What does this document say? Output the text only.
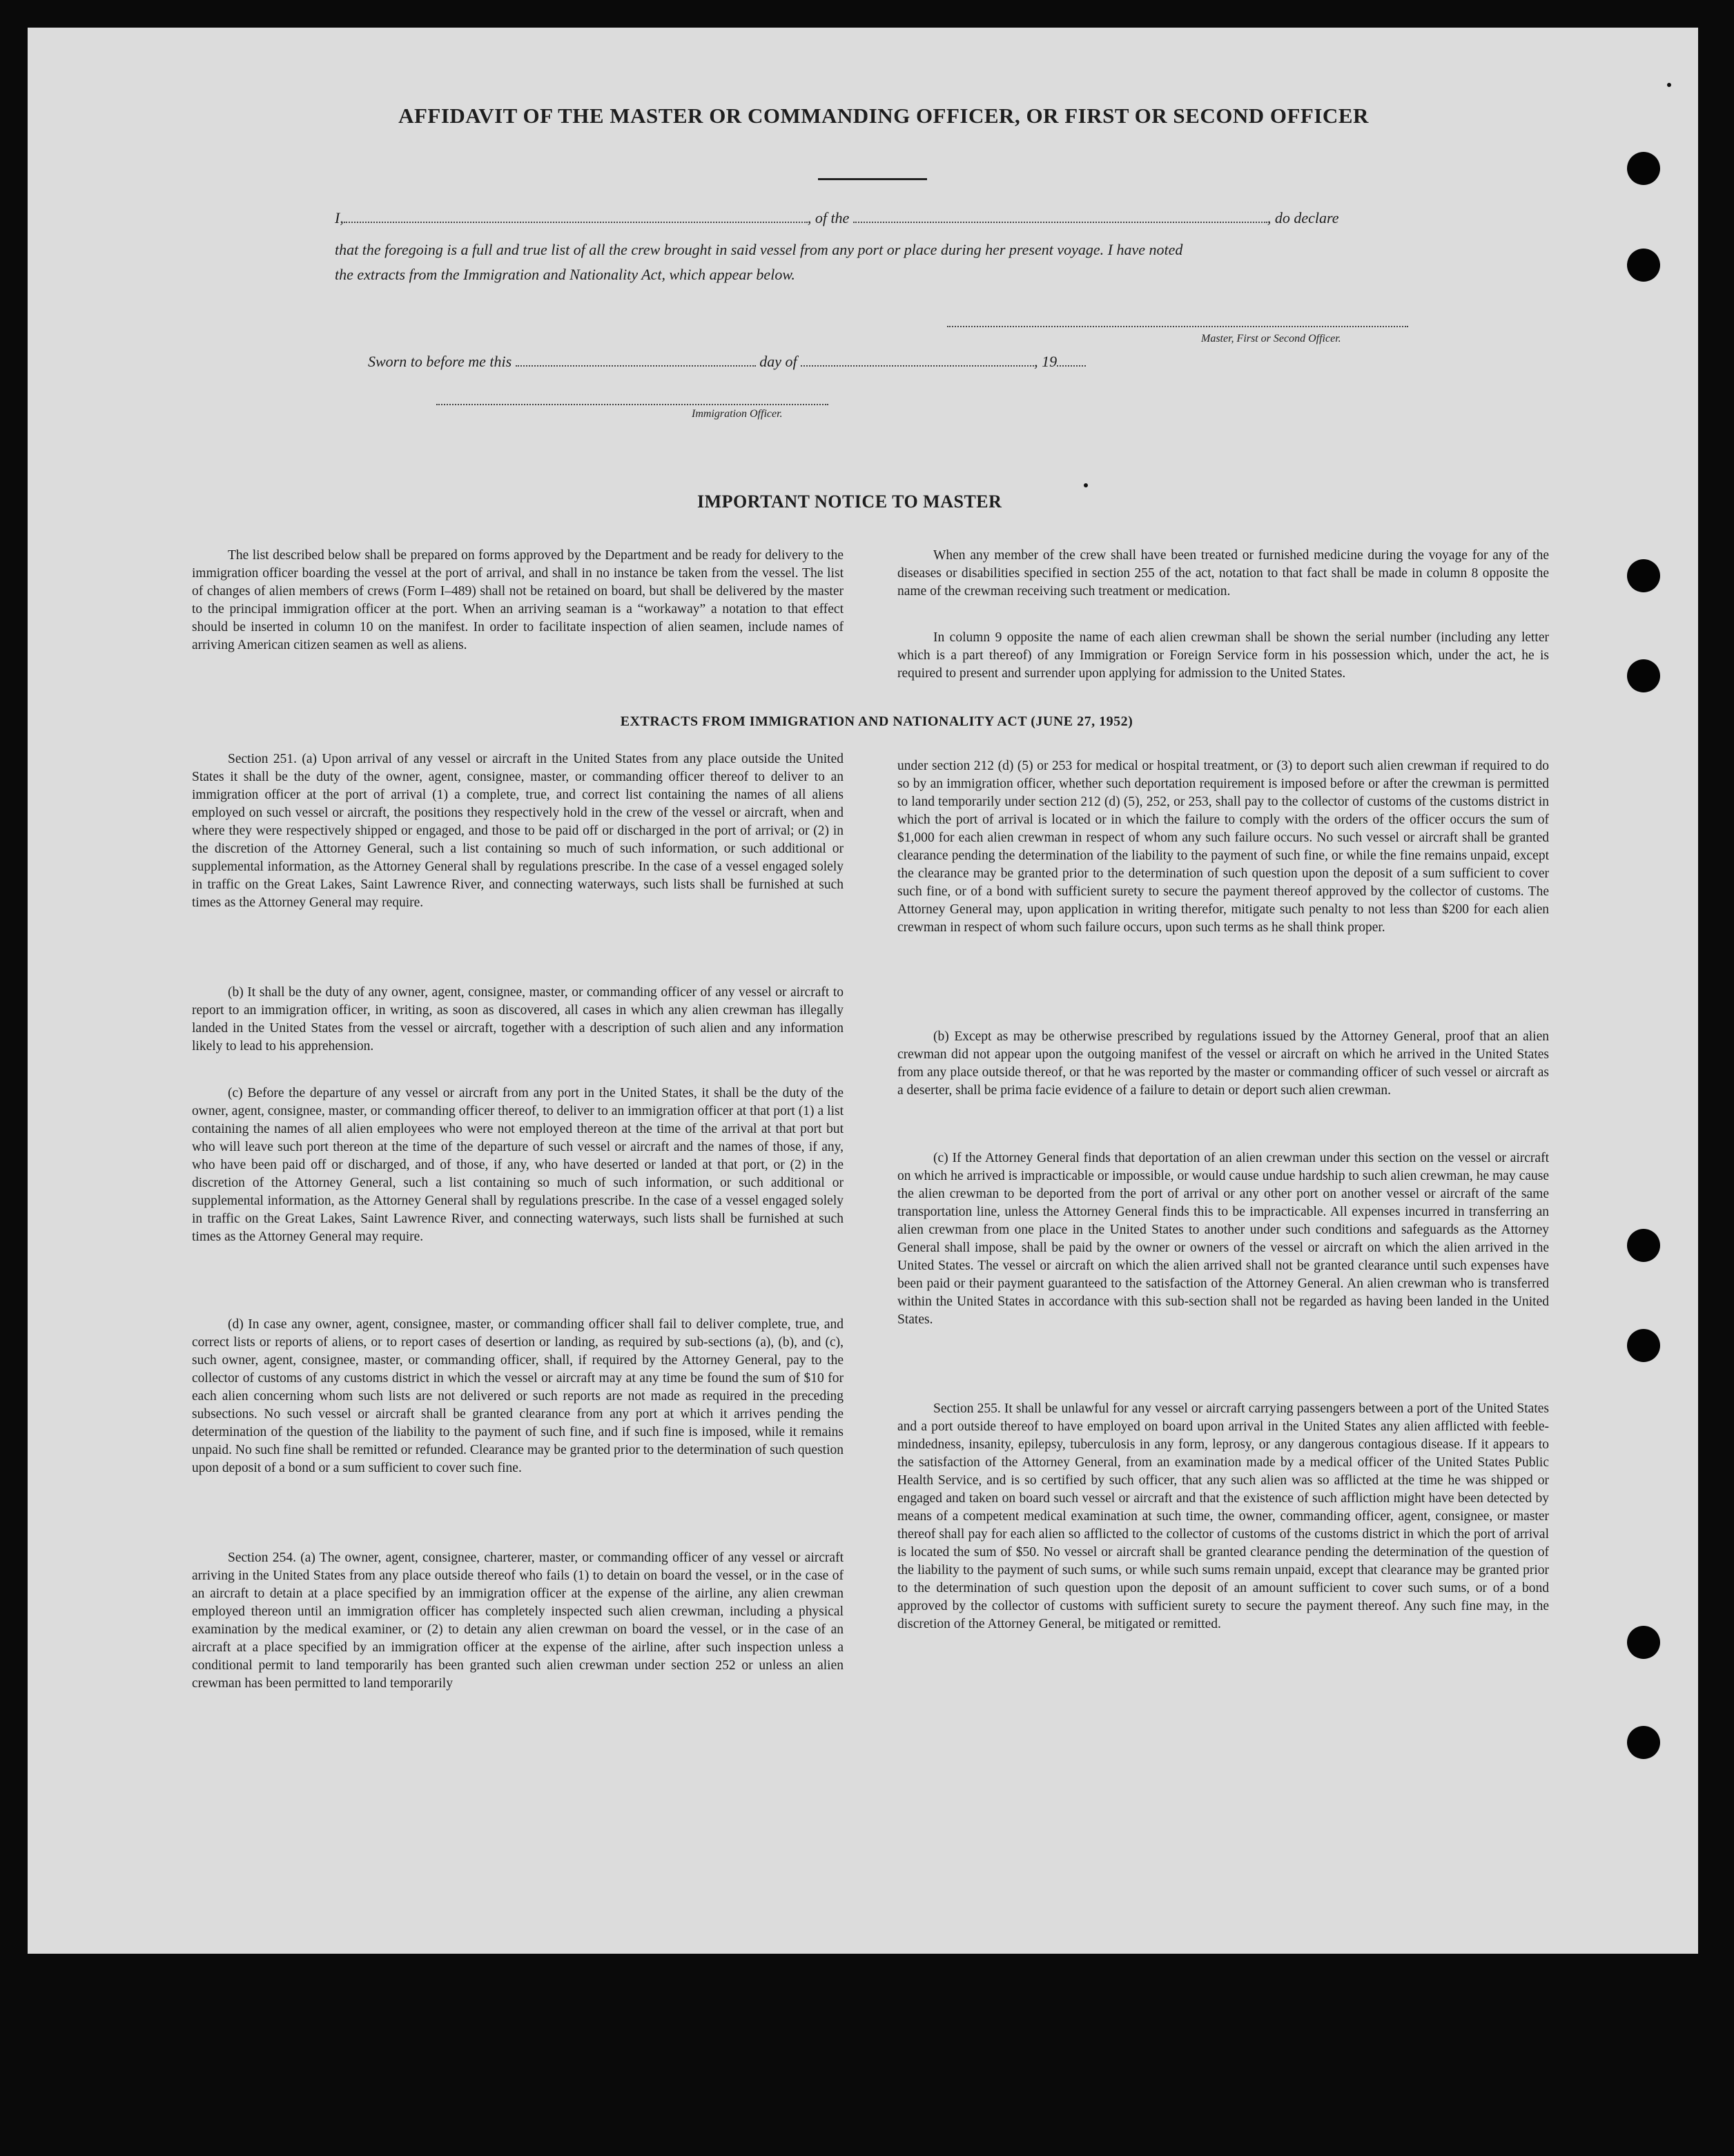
AFFIDAVIT OF THE MASTER OR COMMANDING OFFICER, OR FIRST OR SECOND OFFICER
I,	, of the	, do declare
that the foregoing is a full and true list of all the crew brought in said vessel from any port or place during her present voyage. I have noted
the extracts from the Immigration and Nationality Act, which appear below.
Master, First or Second Officer.
Sworn to before me this	day of	, 19
Immigration Officer.
IMPORTANT NOTICE TO MASTER

The list described below shall be prepared on forms approved by the Department and be ready for delivery to the immigration officer boarding the vessel at the port of arrival, and shall in no instance be taken from the vessel. The list of changes of alien members of crews (Form I–489) shall not be retained on board, but shall be delivered by the master to the principal immigration officer at the port. When an arriving seaman is a “workaway” a notation to that effect should be inserted in column 10 on the manifest. In order to facilitate inspection of alien seamen, include names of arriving American citizen seamen as well as aliens.

When any member of the crew shall have been treated or furnished medicine during the voyage for any of the diseases or disabilities specified in section 255 of the act, notation to that fact shall be made in column 8 opposite the name of the crewman receiving such treatment or medication.

In column 9 opposite the name of each alien crewman shall be shown the serial number (including any letter which is a part thereof) of any Immigration or Foreign Service form in his possession which, under the act, he is required to present and surrender upon applying for admission to the United States.

EXTRACTS FROM IMMIGRATION AND NATIONALITY ACT (JUNE 27, 1952)

Section 251. (a) Upon arrival of any vessel or aircraft in the United States from any place outside the United States it shall be the duty of the owner, agent, consignee, master, or commanding officer thereof to deliver to an immigration officer at the port of arrival (1) a complete, true, and correct list containing the names of all aliens employed on such vessel or aircraft, the positions they respectively hold in the crew of the vessel or aircraft, when and where they were respectively shipped or engaged, and those to be paid off or discharged in the port of arrival; or (2) in the discretion of the Attorney General, such a list containing so much of such information, or such additional or supplemental information, as the Attorney General shall by regulations prescribe. In the case of a vessel engaged solely in traffic on the Great Lakes, Saint Lawrence River, and connecting waterways, such lists shall be furnished at such times as the Attorney General may require.

(b) It shall be the duty of any owner, agent, consignee, master, or commanding officer of any vessel or aircraft to report to an immigration officer, in writing, as soon as discovered, all cases in which any alien crewman has illegally landed in the United States from the vessel or aircraft, together with a description of such alien and any information likely to lead to his apprehension.

(c) Before the departure of any vessel or aircraft from any port in the United States, it shall be the duty of the owner, agent, consignee, master, or commanding officer thereof, to deliver to an immigration officer at that port (1) a list containing the names of all alien employees who were not employed thereon at the time of the arrival at that port but who will leave such port thereon at the time of the departure of such vessel or aircraft and the names of those, if any, who have been paid off or discharged, and of those, if any, who have deserted or landed at that port, or (2) in the discretion of the Attorney General, such a list containing so much of such information, or such additional or supplemental information, as the Attorney General shall by regulations prescribe. In the case of a vessel engaged solely in traffic on the Great Lakes, Saint Lawrence River, and connecting waterways, such lists shall be furnished at such times as the Attorney General may require.

(d) In case any owner, agent, consignee, master, or commanding officer shall fail to deliver complete, true, and correct lists or reports of aliens, or to report cases of desertion or landing, as required by sub-sections (a), (b), and (c), such owner, agent, consignee, master, or commanding officer, shall, if required by the Attorney General, pay to the collector of customs of any customs district in which the vessel or aircraft may at any time be found the sum of $10 for each alien concerning whom such lists are not delivered or such reports are not made as required in the preceding subsections. No such vessel or aircraft shall be granted clearance from any port at which it arrives pending the determination of the question of the liability to the payment of such fine, and if such fine is imposed, while it remains unpaid. No such fine shall be remitted or refunded. Clearance may be granted prior to the determination of such question upon deposit of a bond or a sum sufficient to cover such fine.

Section 254. (a) The owner, agent, consignee, charterer, master, or commanding officer of any vessel or aircraft arriving in the United States from any place outside thereof who fails (1) to detain on board the vessel, or in the case of an aircraft to detain at a place specified by an immigration officer at the expense of the airline, any alien crewman employed thereon until an immigration officer has completely inspected such alien crewman, including a physical examination by the medical examiner, or (2) to detain any alien crewman on board the vessel, or in the case of an aircraft at a place specified by an immigration officer at the expense of the airline, after such inspection unless a conditional permit to land temporarily has been granted such alien crewman under section 252 or unless an alien crewman has been permitted to land temporarily

under section 212 (d) (5) or 253 for medical or hospital treatment, or (3) to deport such alien crewman if required to do so by an immigration officer, whether such deportation requirement is imposed before or after the crewman is permitted to land temporarily under section 212 (d) (5), 252, or 253, shall pay to the collector of customs of the customs district in which the port of arrival is located or in which the failure to comply with the orders of the officer occurs the sum of $1,000 for each alien crewman in respect of whom any such failure occurs. No such vessel or aircraft shall be granted clearance pending the determination of the liability to the payment of such fine, or while the fine remains unpaid, except the clearance may be granted prior to the determination of such question upon the deposit of a sum sufficient to cover such fine, or of a bond with sufficient surety to secure the payment thereof approved by the collector of customs. The Attorney General may, upon application in writing therefor, mitigate such penalty to not less than $200 for each alien crewman in respect of whom such failure occurs, upon such terms as he shall think proper.

(b) Except as may be otherwise prescribed by regulations issued by the Attorney General, proof that an alien crewman did not appear upon the outgoing manifest of the vessel or aircraft on which he arrived in the United States from any place outside thereof, or that he was reported by the master or commanding officer of such vessel or aircraft as a deserter, shall be prima facie evidence of a failure to detain or deport such alien crewman.

(c) If the Attorney General finds that deportation of an alien crewman under this section on the vessel or aircraft on which he arrived is impracticable or impossible, or would cause undue hardship to such alien crewman, he may cause the alien crewman to be deported from the port of arrival or any other port on another vessel or aircraft of the same transportation line, unless the Attorney General finds this to be impracticable. All expenses incurred in transferring an alien crewman from one place in the United States to another under such conditions and safeguards as the Attorney General shall impose, shall be paid by the owner or owners of the vessel or aircraft on which the alien arrived in the United States. The vessel or aircraft on which the alien arrived shall not be granted clearance until such expenses have been paid or their payment guaranteed to the satisfaction of the Attorney General. An alien crewman who is transferred within the United States in accordance with this sub-section shall not be regarded as having been landed in the United States.

Section 255. It shall be unlawful for any vessel or aircraft carrying passengers between a port of the United States and a port outside thereof to have employed on board upon arrival in the United States any alien afflicted with feeble-mindedness, insanity, epilepsy, tuberculosis in any form, leprosy, or any dangerous contagious disease. If it appears to the satisfaction of the Attorney General, from an examination made by a medical officer of the United States Public Health Service, and is so certified by such officer, that any such alien was so afflicted at the time he was shipped or engaged and taken on board such vessel or aircraft and that the existence of such affliction might have been detected by means of a competent medical examination at such time, the owner, commanding officer, agent, consignee, or master thereof shall pay for each alien so afflicted to the collector of customs of the customs district in which the port of arrival is located the sum of $50. No vessel or aircraft shall be granted clearance pending the determination of the question of the liability to the payment of such sums, or while such sums remain unpaid, except that clearance may be granted prior to the determination of such question upon the deposit of an amount sufficient to cover such sums, or of a bond approved by the collector of customs with sufficient surety to secure the payment thereof. Any such fine may, in the discretion of the Attorney General, be mitigated or remitted.
